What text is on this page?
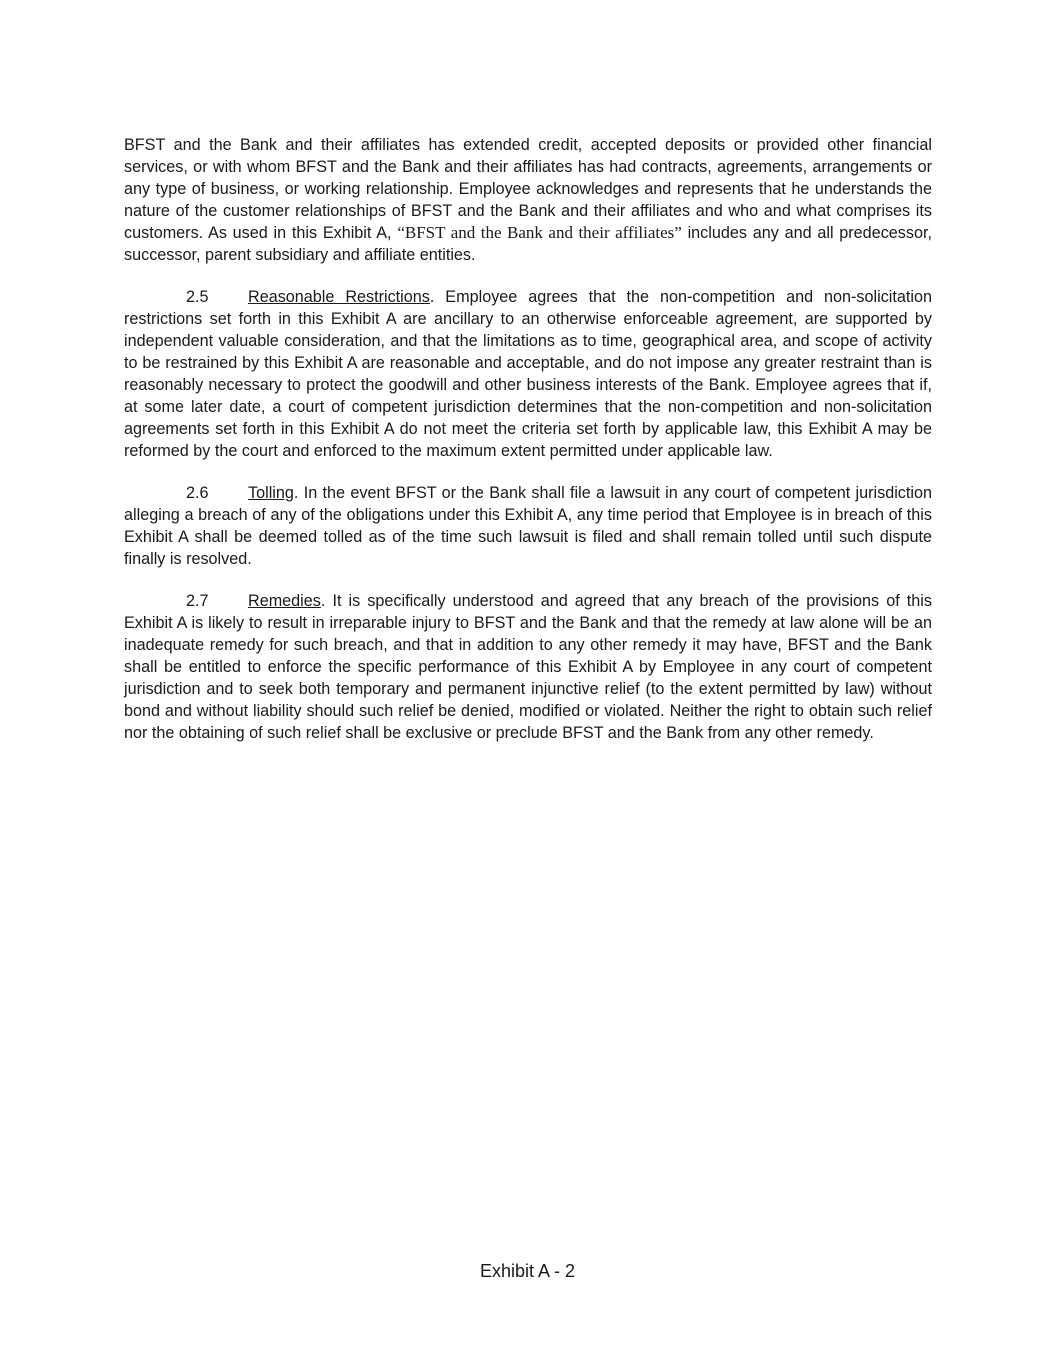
BFST and the Bank and their affiliates has extended credit, accepted deposits or provided other financial services, or with whom BFST and the Bank and their affiliates has had contracts, agreements, arrangements or any type of business, or working relationship. Employee acknowledges and represents that he understands the nature of the customer relationships of BFST and the Bank and their affiliates and who and what comprises its customers. As used in this Exhibit A, “BFST and the Bank and their affiliates” includes any and all predecessor, successor, parent subsidiary and affiliate entities.

2.5 Reasonable Restrictions. Employee agrees that the non-competition and non-solicitation restrictions set forth in this Exhibit A are ancillary to an otherwise enforceable agreement, are supported by independent valuable consideration, and that the limitations as to time, geographical area, and scope of activity to be restrained by this Exhibit A are reasonable and acceptable, and do not impose any greater restraint than is reasonably necessary to protect the goodwill and other business interests of the Bank. Employee agrees that if, at some later date, a court of competent jurisdiction determines that the non-competition and non-solicitation agreements set forth in this Exhibit A do not meet the criteria set forth by applicable law, this Exhibit A may be reformed by the court and enforced to the maximum extent permitted under applicable law.

2.6 Tolling. In the event BFST or the Bank shall file a lawsuit in any court of competent jurisdiction alleging a breach of any of the obligations under this Exhibit A, any time period that Employee is in breach of this Exhibit A shall be deemed tolled as of the time such lawsuit is filed and shall remain tolled until such dispute finally is resolved.

2.7 Remedies. It is specifically understood and agreed that any breach of the provisions of this Exhibit A is likely to result in irreparable injury to BFST and the Bank and that the remedy at law alone will be an inadequate remedy for such breach, and that in addition to any other remedy it may have, BFST and the Bank shall be entitled to enforce the specific performance of this Exhibit A by Employee in any court of competent jurisdiction and to seek both temporary and permanent injunctive relief (to the extent permitted by law) without bond and without liability should such relief be denied, modified or violated. Neither the right to obtain such relief nor the obtaining of such relief shall be exclusive or preclude BFST and the Bank from any other remedy.

Exhibit A - 2
